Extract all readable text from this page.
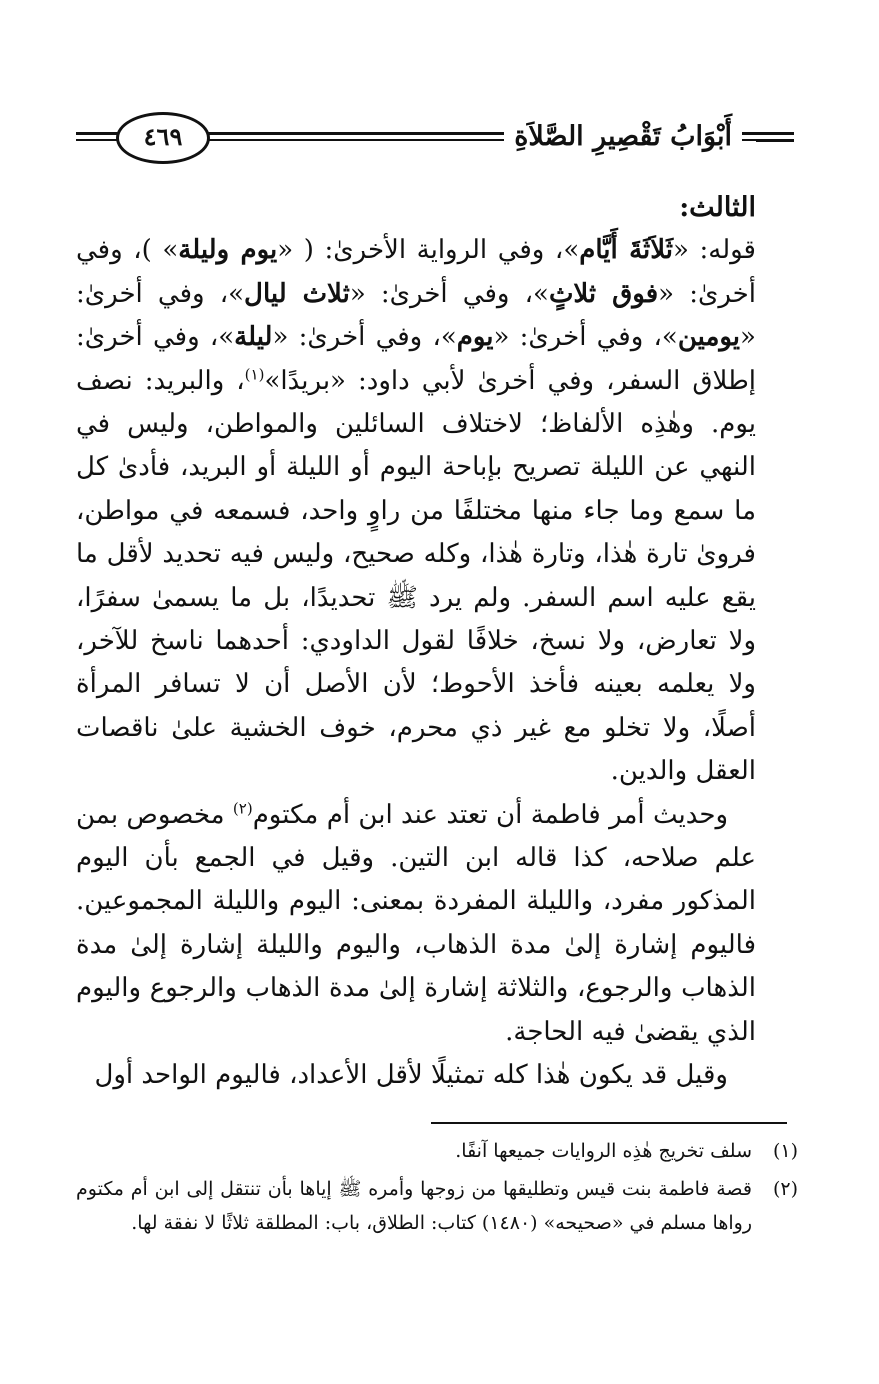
أَبْوَابُ تَقْصِيرِ الصَّلاَةِ
٤٦٩

الثالث:

قوله: «ثَلاَثَةَ أَيَّام»، وفي الرواية الأخرىٰ: ( «يوم وليلة» )، وفي أخرىٰ: «فوق ثلاثٍ»، وفي أخرىٰ: «ثلاث ليال»، وفي أخرىٰ: «يومين»، وفي أخرىٰ: «يوم»، وفي أخرىٰ: «ليلة»، وفي أخرىٰ: إطلاق السفر، وفي أخرىٰ لأبي داود: «بريدًا»$^{(١)}$، والبريد: نصف يوم. وهٰذِه الألفاظ؛ لاختلاف السائلين والمواطن، وليس في النهي عن الليلة تصريح بإباحة اليوم أو الليلة أو البريد، فأدىٰ كل ما سمع وما جاء منها مختلفًا من راوٍ واحد، فسمعه في مواطن، فروىٰ تارة هٰذا، وتارة هٰذا، وكله صحيح، وليس فيه تحديد لأقل ما يقع عليه اسم السفر. ولم يرد ﷺ تحديدًا، بل ما يسمىٰ سفرًا، ولا تعارض، ولا نسخ، خلافًا لقول الداودي: أحدهما ناسخ للآخر، ولا يعلمه بعينه فأخذ الأحوط؛ لأن الأصل أن لا تسافر المرأة أصلًا، ولا تخلو مع غير ذي محرم، خوف الخشية علىٰ ناقصات العقل والدين.

وحديث أمر فاطمة أن تعتد عند ابن أم مكتوم$^{(٢)}$ مخصوص بمن علم صلاحه، كذا قاله ابن التين. وقيل في الجمع بأن اليوم المذكور مفرد، والليلة المفردة بمعنى: اليوم والليلة المجموعين. فاليوم إشارة إلىٰ مدة الذهاب، واليوم والليلة إشارة إلىٰ مدة الذهاب والرجوع، والثلاثة إشارة إلىٰ مدة الذهاب والرجوع واليوم الذي يقضىٰ فيه الحاجة.

وقيل قد يكون هٰذا كله تمثيلًا لأقل الأعداد، فاليوم الواحد أول

(١)
سلف تخريج هٰذِه الروايات جميعها آنفًا.
(٢)
قصة فاطمة بنت قيس وتطليقها من زوجها وأمره ﷺ إياها بأن تنتقل إلى ابن أم مكتوم رواها مسلم في «صحيحه» (١٤٨٠) كتاب: الطلاق، باب: المطلقة ثلاثًا لا نفقة لها.
